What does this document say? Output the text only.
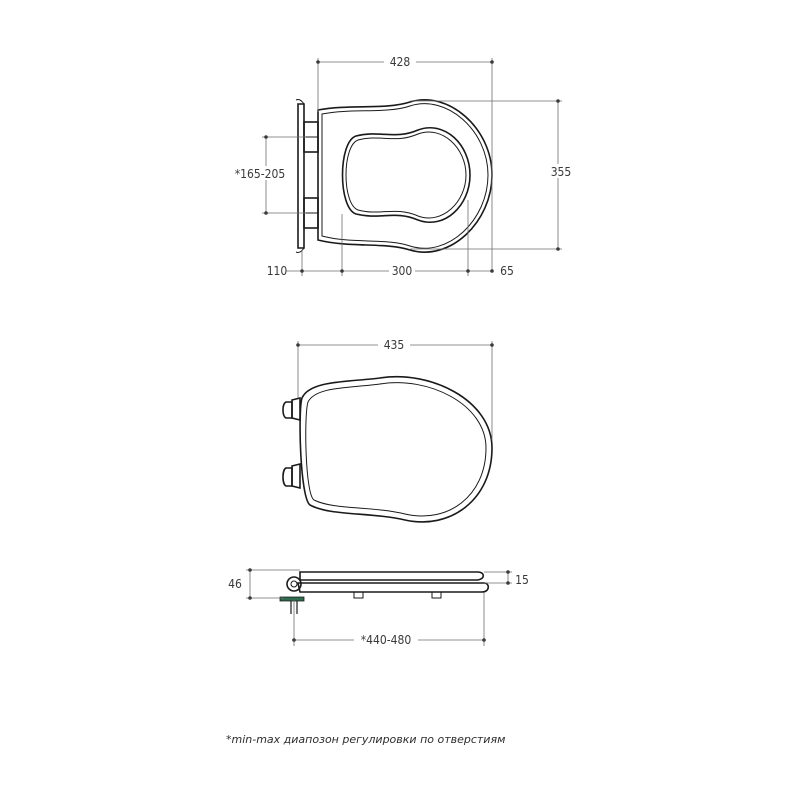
428
355
*165-205
110	300	65
435
46	15
*440-480
*min-max диапозон регулировки по отверстиям
